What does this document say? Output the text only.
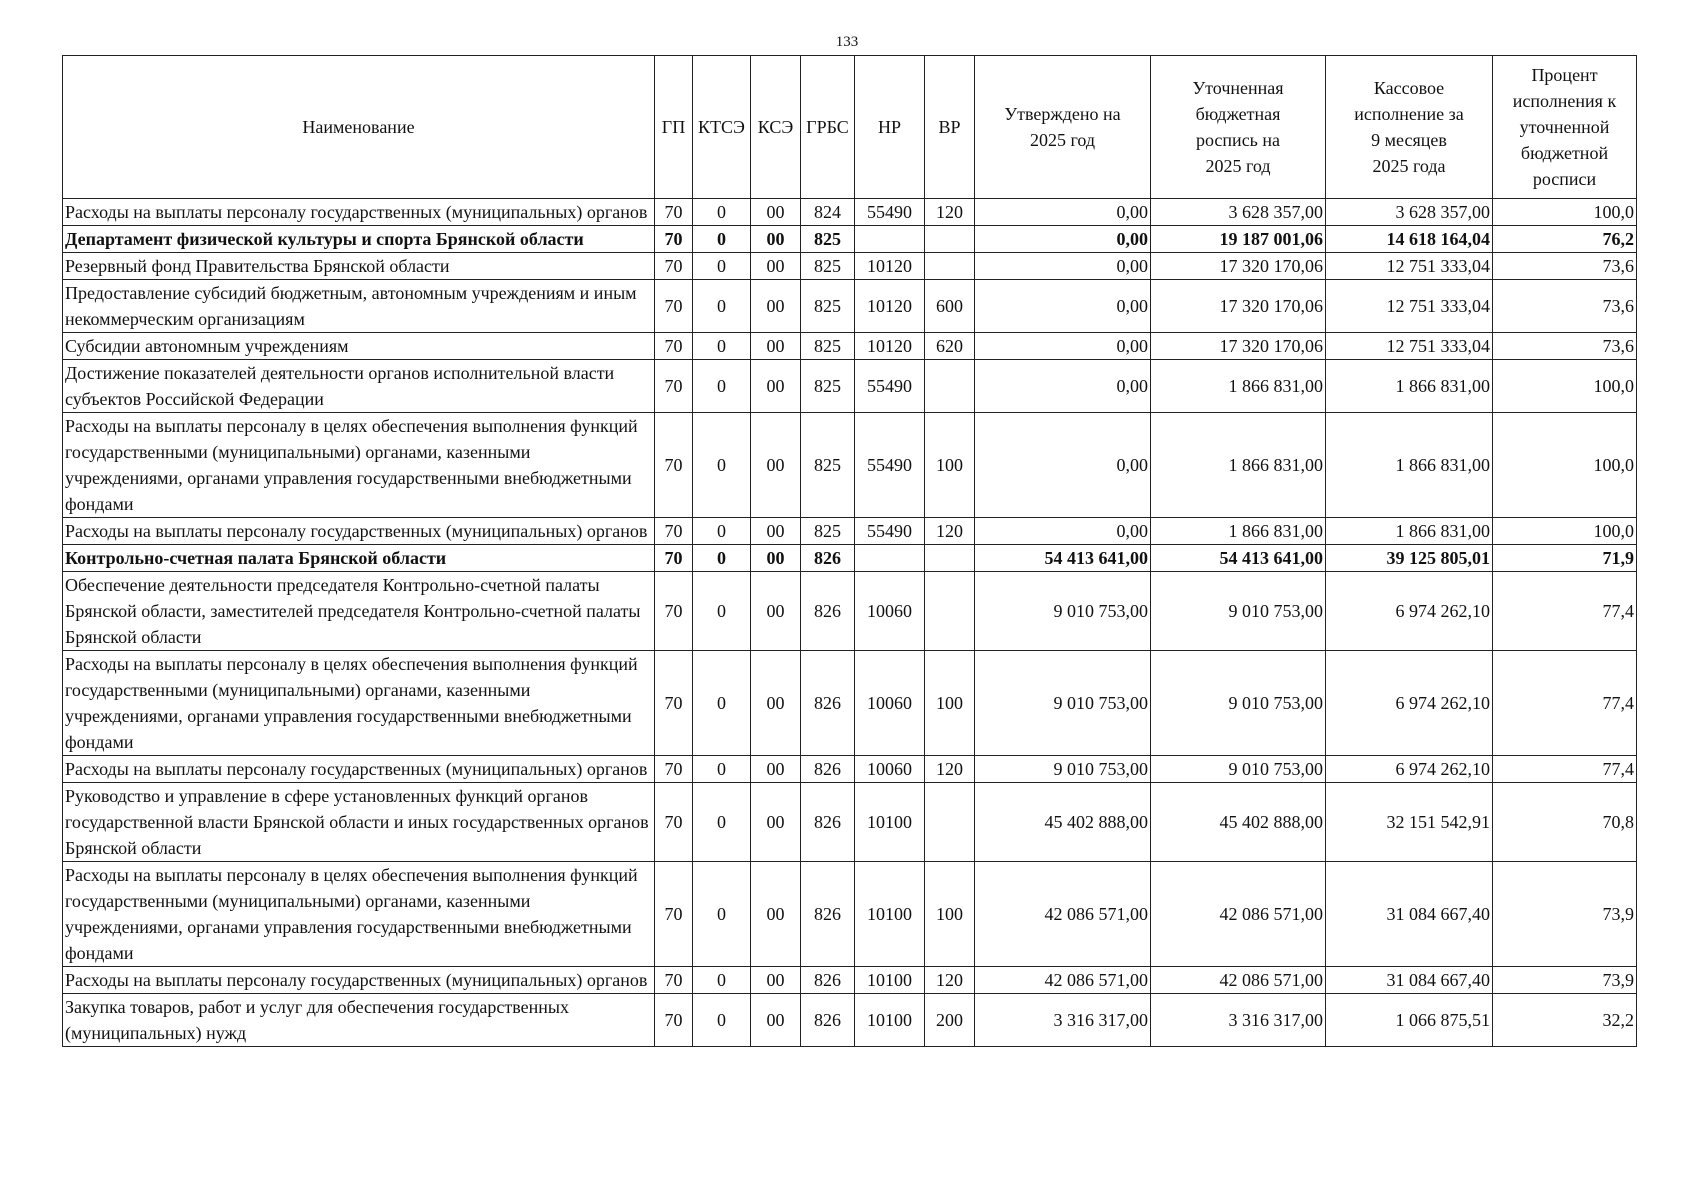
133
Наименование	ГП	КТСЭ	КСЭ	ГРБС	НР	ВР	Утверждено на 2025 год	Уточненная бюджетная роспись на 2025 год	Кассовое исполнение за 9 месяцев 2025 года	Процент исполнения к уточненной бюджетной росписи
Расходы на выплаты персоналу государственных (муниципальных) органов	70	0	00	824	55490	120	0,00	3 628 357,00	3 628 357,00	100,0
Департамент физической культуры и спорта Брянской области	70	0	00	825			0,00	19 187 001,06	14 618 164,04	76,2
Резервный фонд Правительства Брянской области	70	0	00	825	10120		0,00	17 320 170,06	12 751 333,04	73,6
Предоставление субсидий бюджетным, автономным учреждениям и иным некоммерческим организациям	70	0	00	825	10120	600	0,00	17 320 170,06	12 751 333,04	73,6
Субсидии автономным учреждениям	70	0	00	825	10120	620	0,00	17 320 170,06	12 751 333,04	73,6
Достижение показателей деятельности органов исполнительной власти субъектов Российской Федерации	70	0	00	825	55490		0,00	1 866 831,00	1 866 831,00	100,0
Расходы на выплаты персоналу в целях обеспечения выполнения функций государственными (муниципальными) органами, казенными учреждениями, органами управления государственными внебюджетными фондами	70	0	00	825	55490	100	0,00	1 866 831,00	1 866 831,00	100,0
Расходы на выплаты персоналу государственных (муниципальных) органов	70	0	00	825	55490	120	0,00	1 866 831,00	1 866 831,00	100,0
Контрольно-счетная палата Брянской области	70	0	00	826			54 413 641,00	54 413 641,00	39 125 805,01	71,9
Обеспечение деятельности председателя Контрольно-счетной палаты Брянской области, заместителей председателя Контрольно-счетной палаты Брянской области	70	0	00	826	10060		9 010 753,00	9 010 753,00	6 974 262,10	77,4
Расходы на выплаты персоналу в целях обеспечения выполнения функций государственными (муниципальными) органами, казенными учреждениями, органами управления государственными внебюджетными фондами	70	0	00	826	10060	100	9 010 753,00	9 010 753,00	6 974 262,10	77,4
Расходы на выплаты персоналу государственных (муниципальных) органов	70	0	00	826	10060	120	9 010 753,00	9 010 753,00	6 974 262,10	77,4
Руководство и управление в сфере установленных функций органов государственной власти Брянской области и иных государственных органов Брянской области	70	0	00	826	10100		45 402 888,00	45 402 888,00	32 151 542,91	70,8
Расходы на выплаты персоналу в целях обеспечения выполнения функций государственными (муниципальными) органами, казенными учреждениями, органами управления государственными внебюджетными фондами	70	0	00	826	10100	100	42 086 571,00	42 086 571,00	31 084 667,40	73,9
Расходы на выплаты персоналу государственных (муниципальных) органов	70	0	00	826	10100	120	42 086 571,00	42 086 571,00	31 084 667,40	73,9
Закупка товаров, работ и услуг для обеспечения государственных (муниципальных) нужд	70	0	00	826	10100	200	3 316 317,00	3 316 317,00	1 066 875,51	32,2
